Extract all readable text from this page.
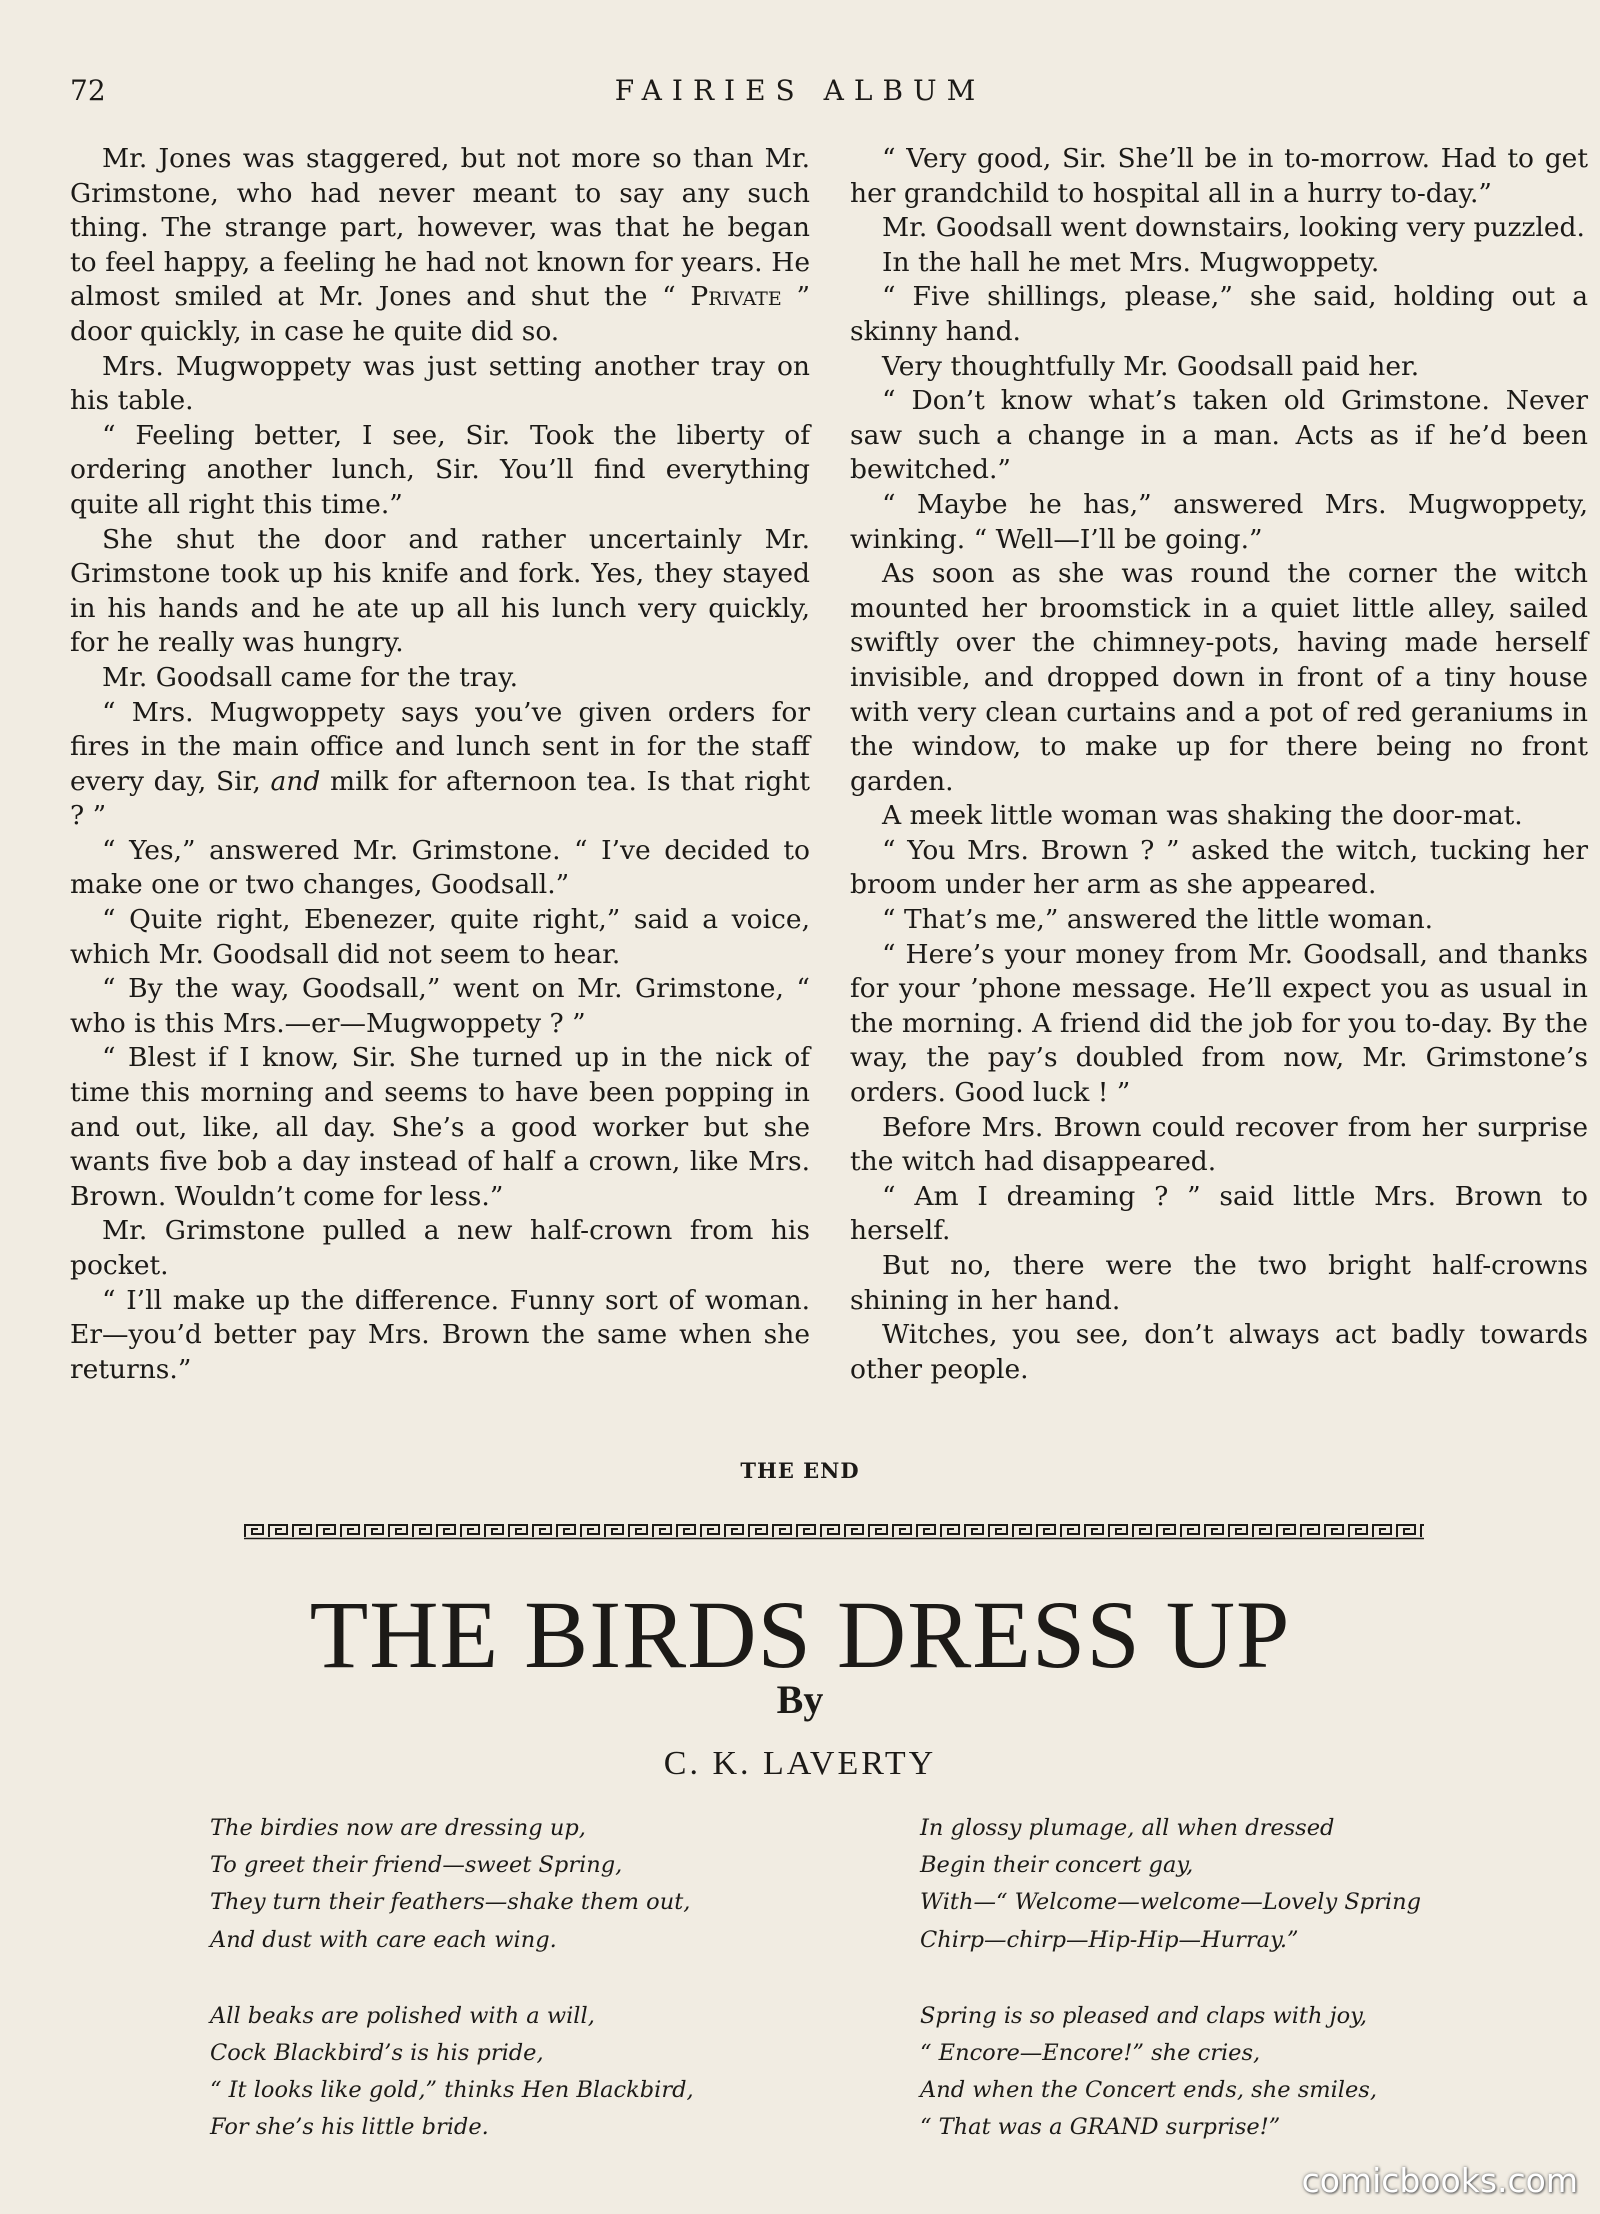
72	FAIRIES ALBUM

Mr. Jones was staggered, but not more so than Mr. Grimstone, who had never meant to say any such thing. The strange part, however, was that he began to feel happy, a feeling he had not known for years. He almost smiled at Mr. Jones and shut the “ Private ” door quickly, in case he quite did so.

Mrs. Mugwoppety was just setting another tray on his table.

“ Feeling better, I see, Sir. Took the liberty of ordering another lunch, Sir. You’ll find everything quite all right this time.”

She shut the door and rather uncertainly Mr. Grimstone took up his knife and fork. Yes, they stayed in his hands and he ate up all his lunch very quickly, for he really was hungry.

Mr. Goodsall came for the tray.

“ Mrs. Mugwoppety says you’ve given orders for fires in the main office and lunch sent in for the staff every day, Sir, and milk for afternoon tea. Is that right ? ”

“ Yes,” answered Mr. Grimstone. “ I’ve decided to make one or two changes, Goodsall.”

“ Quite right, Ebenezer, quite right,” said a voice, which Mr. Goodsall did not seem to hear.

“ By the way, Goodsall,” went on Mr. Grimstone, “ who is this Mrs.—er—Mugwoppety ? ”

“ Blest if I know, Sir. She turned up in the nick of time this morning and seems to have been popping in and out, like, all day. She’s a good worker but she wants five bob a day instead of half a crown, like Mrs. Brown. Wouldn’t come for less.”

Mr. Grimstone pulled a new half-crown from his pocket.

“ I’ll make up the difference. Funny sort of woman. Er—you’d better pay Mrs. Brown the same when she returns.”

“ Very good, Sir. She’ll be in to-morrow. Had to get her grandchild to hospital all in a hurry to-day.”

Mr. Goodsall went downstairs, looking very puzzled.

In the hall he met Mrs. Mugwoppety.

“ Five shillings, please,” she said, holding out a skinny hand.

Very thoughtfully Mr. Goodsall paid her.

“ Don’t know what’s taken old Grimstone. Never saw such a change in a man. Acts as if he’d been bewitched.”

“ Maybe he has,” answered Mrs. Mugwoppety, winking. “ Well—I’ll be going.”

As soon as she was round the corner the witch mounted her broomstick in a quiet little alley, sailed swiftly over the chimney-pots, having made herself invisible, and dropped down in front of a tiny house with very clean curtains and a pot of red geraniums in the window, to make up for there being no front garden.

A meek little woman was shaking the door-mat.

“ You Mrs. Brown ? ” asked the witch, tucking her broom under her arm as she appeared.

“ That’s me,” answered the little woman.

“ Here’s your money from Mr. Goodsall, and thanks for your ’phone message. He’ll expect you as usual in the morning. A friend did the job for you to-day. By the way, the pay’s doubled from now, Mr. Grimstone’s orders. Good luck ! ”

Before Mrs. Brown could recover from her surprise the witch had disappeared.

“ Am I dreaming ? ” said little Mrs. Brown to herself.

But no, there were the two bright half-crowns shining in her hand.

Witches, you see, don’t always act badly towards other people.

THE END
THE BIRDS DRESS UP
By
C. K. LAVERTY
The birdies now are dressing up,
To greet their friend—sweet Spring,
They turn their feathers—shake them out,
And dust with care each wing.
All beaks are polished with a will,
Cock Blackbird’s is his pride,
“ It looks like gold,” thinks Hen Blackbird,
For she’s his little bride.
In glossy plumage, all when dressed
Begin their concert gay,
With—“ Welcome—welcome—Lovely Spring
Chirp—chirp—Hip-Hip—Hurray.”
Spring is so pleased and claps with joy,
“ Encore—Encore!” she cries,
And when the Concert ends, she smiles,
“ That was a GRAND surprise!”
comicbooks.com
